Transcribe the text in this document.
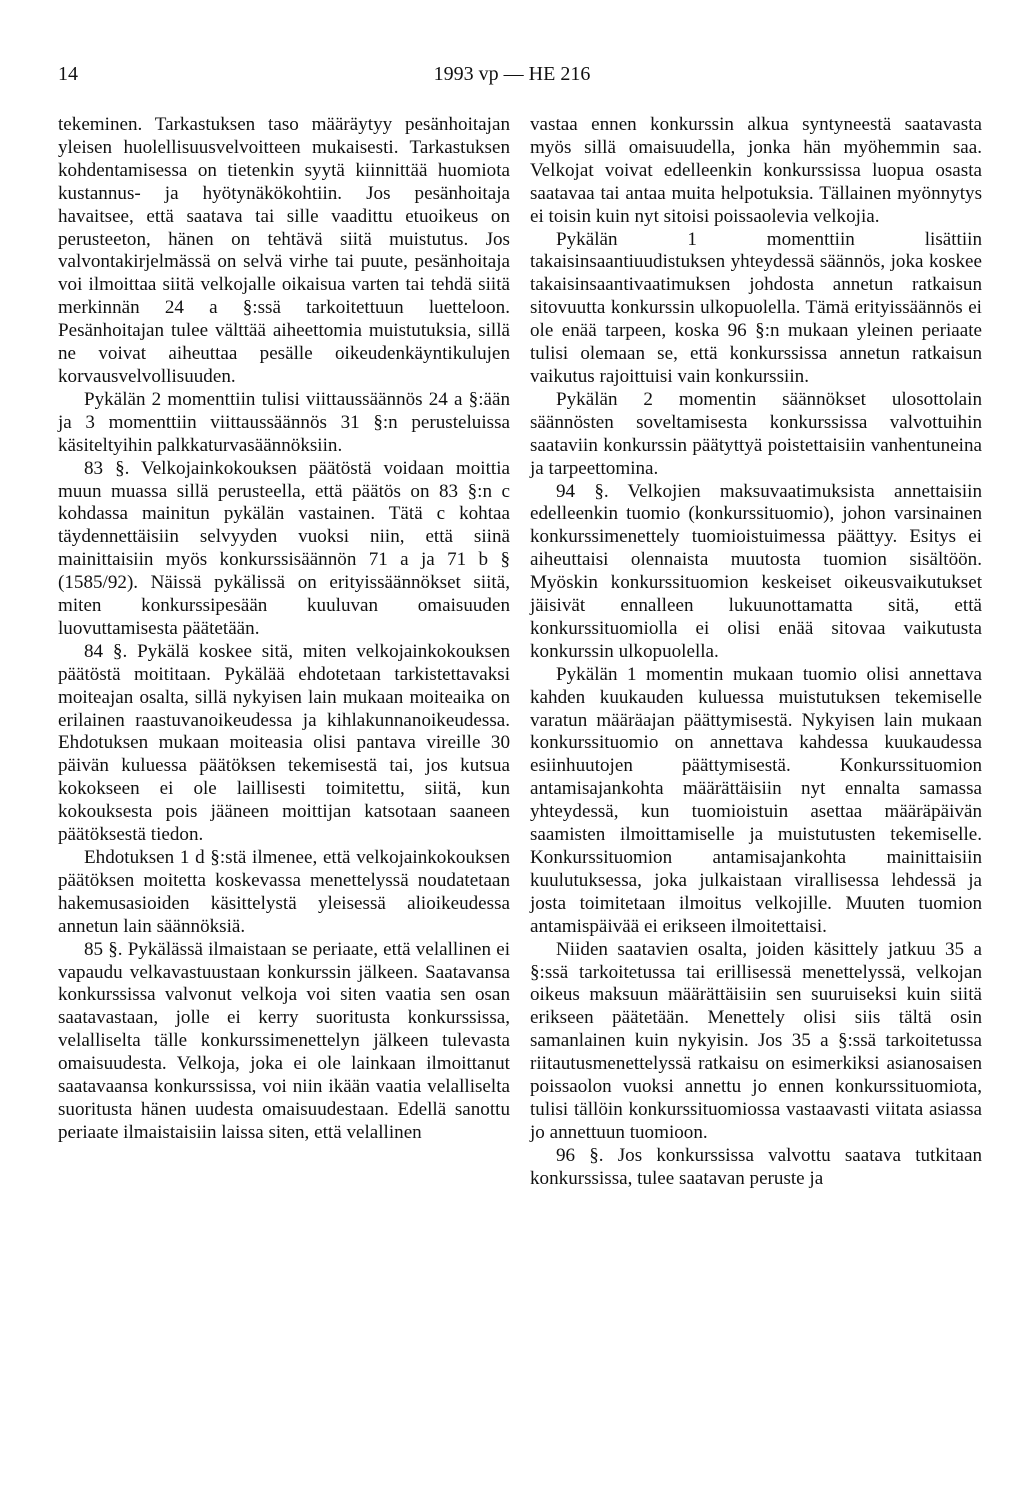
14	1993 vp — HE 216

tekeminen. Tarkastuksen taso määräytyy pesänhoitajan yleisen huolellisuusvelvoitteen mukaisesti. Tarkastuksen kohdentamisessa on tietenkin syytä kiinnittää huomiota kustannus- ja hyötynäkökohtiin. Jos pesänhoitaja havaitsee, että saatava tai sille vaadittu etuoikeus on perusteeton, hänen on tehtävä siitä muistutus. Jos valvontakirjelmässä on selvä virhe tai puute, pesänhoitaja voi ilmoittaa siitä velkojalle oikaisua varten tai tehdä siitä merkinnän 24 a §:ssä tarkoitettuun luetteloon. Pesänhoitajan tulee välttää aiheettomia muistutuksia, sillä ne voivat aiheuttaa pesälle oikeudenkäyntikulujen korvausvelvollisuuden.

Pykälän 2 momenttiin tulisi viittaussäännös 24 a §:ään ja 3 momenttiin viittaussäännös 31 §:n perusteluissa käsiteltyihin palkkaturvasäännöksiin.

83 §. Velkojainkokouksen päätöstä voidaan moittia muun muassa sillä perusteella, että päätös on 83 §:n c kohdassa mainitun pykälän vastainen. Tätä c kohtaa täydennettäisiin selvyyden vuoksi niin, että siinä mainittaisiin myös konkurssisäännön 71 a ja 71 b § (1585/92). Näissä pykälissä on erityissäännökset siitä, miten konkurssipesään kuuluvan omaisuuden luovuttamisesta päätetään.

84 §. Pykälä koskee sitä, miten velkojainkokouksen päätöstä moititaan. Pykälää ehdotetaan tarkistettavaksi moiteajan osalta, sillä nykyisen lain mukaan moiteaika on erilainen raastuvanoikeudessa ja kihlakunnanoikeudessa. Ehdotuksen mukaan moiteasia olisi pantava vireille 30 päivän kuluessa päätöksen tekemisestä tai, jos kutsua kokokseen ei ole laillisesti toimitettu, siitä, kun kokouksesta pois jääneen moittijan katsotaan saaneen päätöksestä tiedon.

Ehdotuksen 1 d §:stä ilmenee, että velkojainkokouksen päätöksen moitetta koskevassa menettelyssä noudatetaan hakemusasioiden käsittelystä yleisessä alioikeudessa annetun lain säännöksiä.

85 §. Pykälässä ilmaistaan se periaate, että velallinen ei vapaudu velkavastuustaan konkurssin jälkeen. Saatavansa konkurssissa valvonut velkoja voi siten vaatia sen osan saatavastaan, jolle ei kerry suoritusta konkurssissa, velalliselta tälle konkurssimenettelyn jälkeen tulevasta omaisuudesta. Velkoja, joka ei ole lainkaan ilmoittanut saatavaansa konkurssissa, voi niin ikään vaatia velalliselta suoritusta hänen uudesta omaisuudestaan. Edellä sanottu periaate ilmaistaisiin laissa siten, että velallinen

vastaa ennen konkurssin alkua syntyneestä saatavasta myös sillä omaisuudella, jonka hän myöhemmin saa. Velkojat voivat edelleenkin konkurssissa luopua osasta saatavaa tai antaa muita helpotuksia. Tällainen myönnytys ei toisin kuin nyt sitoisi poissaolevia velkojia.

Pykälän 1 momenttiin lisättiin takaisinsaantiuudistuksen yhteydessä säännös, joka koskee takaisinsaantivaatimuksen johdosta annetun ratkaisun sitovuutta konkurssin ulkopuolella. Tämä erityissäännös ei ole enää tarpeen, koska 96 §:n mukaan yleinen periaate tulisi olemaan se, että konkurssissa annetun ratkaisun vaikutus rajoittuisi vain konkurssiin.

Pykälän 2 momentin säännökset ulosottolain säännösten soveltamisesta konkurssissa valvottuihin saataviin konkurssin päätyttyä poistettaisiin vanhentuneina ja tarpeettomina.

94 §. Velkojien maksuvaatimuksista annettaisiin edelleenkin tuomio (konkurssituomio), johon varsinainen konkurssimenettely tuomioistuimessa päättyy. Esitys ei aiheuttaisi olennaista muutosta tuomion sisältöön. Myöskin konkurssituomion keskeiset oikeusvaikutukset jäisivät ennalleen lukuunottamatta sitä, että konkurssituomiolla ei olisi enää sitovaa vaikutusta konkurssin ulkopuolella.

Pykälän 1 momentin mukaan tuomio olisi annettava kahden kuukauden kuluessa muistutuksen tekemiselle varatun määräajan päättymisestä. Nykyisen lain mukaan konkurssituomio on annettava kahdessa kuukaudessa esiinhuutojen päättymisestä. Konkurssituomion antamisajankohta määrättäisiin nyt ennalta samassa yhteydessä, kun tuomioistuin asettaa määräpäivän saamisten ilmoittamiselle ja muistutusten tekemiselle. Konkurssituomion antamisajankohta mainittaisiin kuulutuksessa, joka julkaistaan virallisessa lehdessä ja josta toimitetaan ilmoitus velkojille. Muuten tuomion antamispäivää ei erikseen ilmoitettaisi.

Niiden saatavien osalta, joiden käsittely jatkuu 35 a §:ssä tarkoitetussa tai erillisessä menettelyssä, velkojan oikeus maksuun määrättäisiin sen suuruiseksi kuin siitä erikseen päätetään. Menettely olisi siis tältä osin samanlainen kuin nykyisin. Jos 35 a §:ssä tarkoitetussa riitautusmenettelyssä ratkaisu on esimerkiksi asianosaisen poissaolon vuoksi annettu jo ennen konkurssituomiota, tulisi tällöin konkurssituomiossa vastaavasti viitata asiassa jo annettuun tuomioon.

96 §. Jos konkurssissa valvottu saatava tutkitaan konkurssissa, tulee saatavan peruste ja
